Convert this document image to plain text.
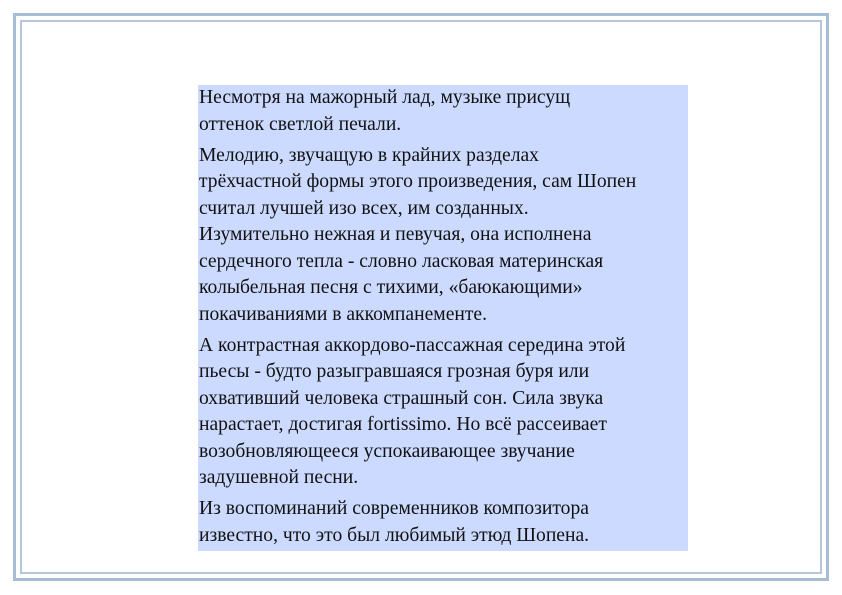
Несмотря на мажорный лад, музыке присущ
оттенок светлой печали.

Мелодию, звучащую в крайних разделах
трёхчастной формы этого произведения, сам Шопен
считал лучшей изо всех, им созданных.
Изумительно нежная и певучая, она исполнена
сердечного тепла - словно ласковая материнская
колыбельная песня с тихими, «баюкающими»
покачиваниями в аккомпанементе.

А контрастная аккордово-пассажная середина этой
пьесы - будто разыгравшаяся грозная буря или
охвативший человека страшный сон. Сила звука
нарастает, достигая fortissimo. Но всё рассеивает
возобновляющееся успокаивающее звучание
задушевной песни.

Из воспоминаний современников композитора
известно, что это был любимый этюд Шопена.
